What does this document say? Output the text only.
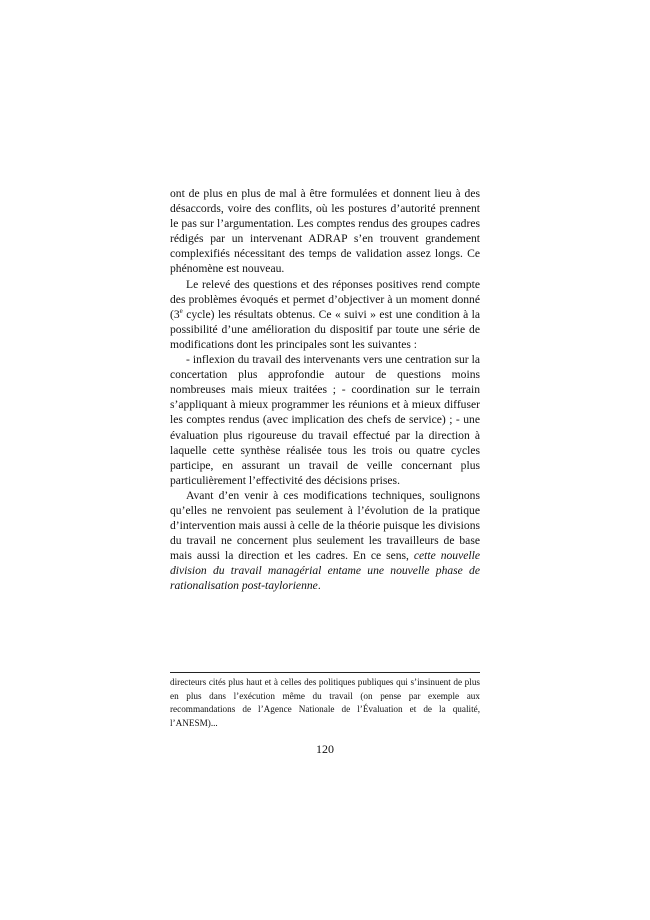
ont de plus en plus de mal à être formulées et donnent lieu à des désaccords, voire des conflits, où les postures d’autorité prennent le pas sur l’argumentation. Les comptes rendus des groupes cadres rédigés par un intervenant ADRAP s’en trouvent grandement complexifiés nécessitant des temps de validation assez longs. Ce phénomène est nouveau.

Le relevé des questions et des réponses positives rend compte des problèmes évoqués et permet d’objectiver à un moment donné (3e cycle) les résultats obtenus. Ce « suivi » est une condition à la possibilité d’une amélioration du dispositif par toute une série de modifications dont les principales sont les suivantes :

- inflexion du travail des intervenants vers une centration sur la concertation plus approfondie autour de questions moins nombreuses mais mieux traitées ; - coordination sur le terrain s’appliquant à mieux programmer les réunions et à mieux diffuser les comptes rendus (avec implication des chefs de service) ; - une évaluation plus rigoureuse du travail effectué par la direction à laquelle cette synthèse réalisée tous les trois ou quatre cycles participe, en assurant un travail de veille concernant plus particulièrement l’effectivité des décisions prises.

Avant d’en venir à ces modifications techniques, soulignons qu’elles ne renvoient pas seulement à l’évolution de la pratique d’intervention mais aussi à celle de la théorie puisque les divisions du travail ne concernent plus seulement les travailleurs de base mais aussi la direction et les cadres. En ce sens, cette nouvelle division du travail managérial entame une nouvelle phase de rationalisation post-taylorienne.

directeurs cités plus haut et à celles des politiques publiques qui s’insinuent de plus en plus dans l’exécution même du travail (on pense par exemple aux recommandations de l’Agence Nationale de l’Évaluation et de la qualité, l’ANESM)...

120
